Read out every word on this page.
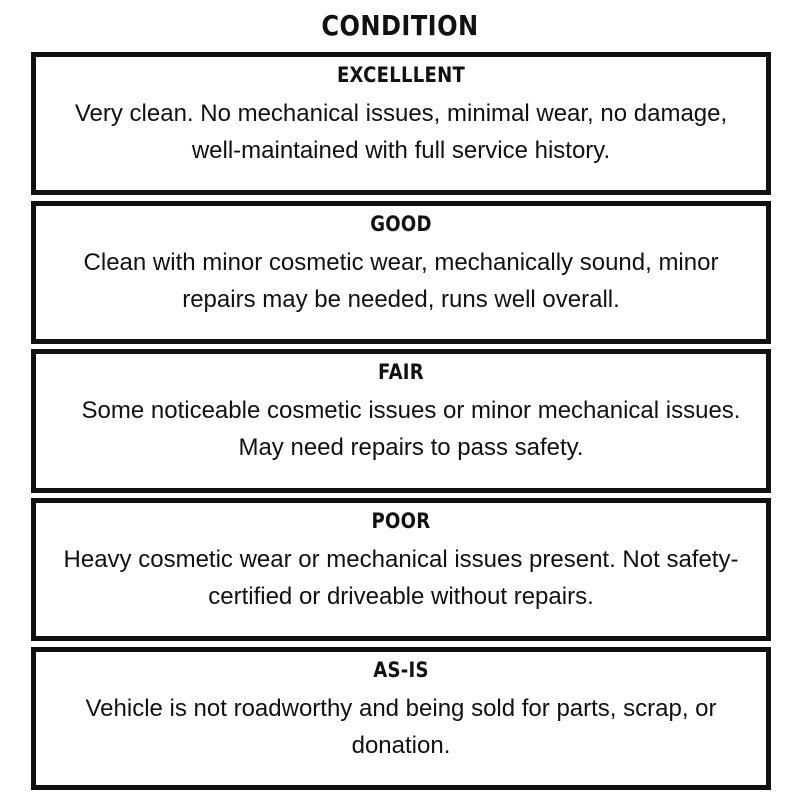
CONDITION
EXCELLLENT
Very clean. No mechanical issues, minimal wear, no damage, well-maintained with full service history.
GOOD
Clean with minor cosmetic wear, mechanically sound, minor repairs may be needed, runs well overall.
FAIR
Some noticeable cosmetic issues or minor mechanical issues. May need repairs to pass safety.
POOR
Heavy cosmetic wear or mechanical issues present. Not safety-certified or driveable without repairs.
AS-IS
Vehicle is not roadworthy and being sold for parts, scrap, or donation.
